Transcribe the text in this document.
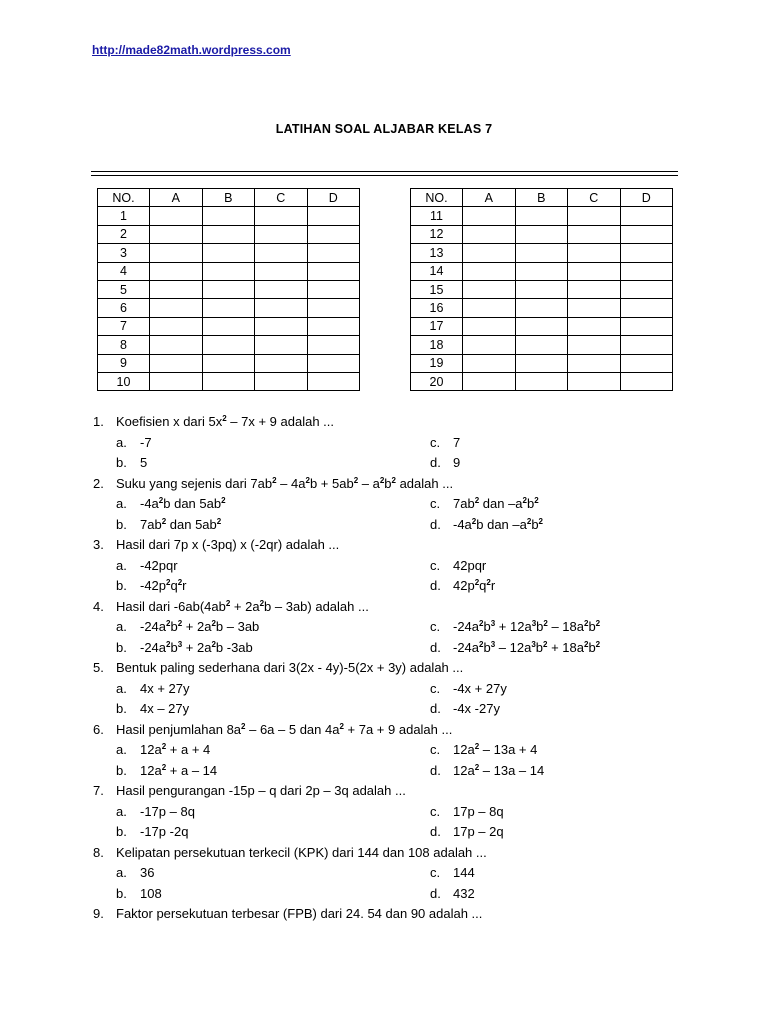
http://made82math.wordpress.com
LATIHAN SOAL ALJABAR KELAS 7
NO.	A	B	C	D
1				
2				
3				
4				
5				
6				
7				
8				
9				
10				
NO.	A	B	C	D
11				
12				
13				
14				
15				
16				
17				
18				
19				
20				
1. Koefisien x dari $5x^2 - 7x + 9$ adalah ...
a. -7	c. 7
b. 5	d. 9
2. Suku yang sejenis dari $7ab^2 - 4a^2b + 5ab^2 - a^2b^2$ adalah ...
a. $-4a^2b$ dan $5ab^2$	c. $7ab^2$ dan $-a^2b^2$
b. $7ab^2$ dan $5ab^2$	d. $-4a^2b$ dan $-a^2b^2$
3. Hasil dari 7p x (-3pq) x (-2qr) adalah ...
a. -42pqr	c. 42pqr
b. $-42p^2q^2r$	d. $42p^2q^2r$
4. Hasil dari $-6ab(4ab^2 + 2a^2b - 3ab)$ adalah ...
a. $-24a^2b^2 + 2a^2b - 3ab$	c. $-24a^2b^3 + 12a^3b^2 - 18a^2b^2$
b. $-24a^2b^3 + 2a^2b$ -3ab	d. $-24a^2b^3 - 12a^3b^2 + 18a^2b^2$
5. Bentuk paling sederhana dari 3(2x - 4y)-5(2x + 3y) adalah ...
a. 4x + 27y	c. -4x + 27y
b. 4x – 27y	d. -4x -27y
6. Hasil penjumlahan $8a^2 - 6a - 5$ dan $4a^2 + 7a + 9$ adalah ...
a. $12a^2 + a + 4$	c. $12a^2 - 13a + 4$
b. $12a^2 + a - 14$	d. $12a^2 - 13a - 14$
7. Hasil pengurangan -15p – q dari 2p – 3q adalah ...
a. -17p – 8q	c. 17p – 8q
b. -17p -2q	d. 17p – 2q
8. Kelipatan persekutuan terkecil (KPK) dari 144 dan 108 adalah ...
a. 36	c. 144
b. 108	d. 432
9. Faktor persekutuan terbesar (FPB) dari 24. 54 dan 90 adalah ...
